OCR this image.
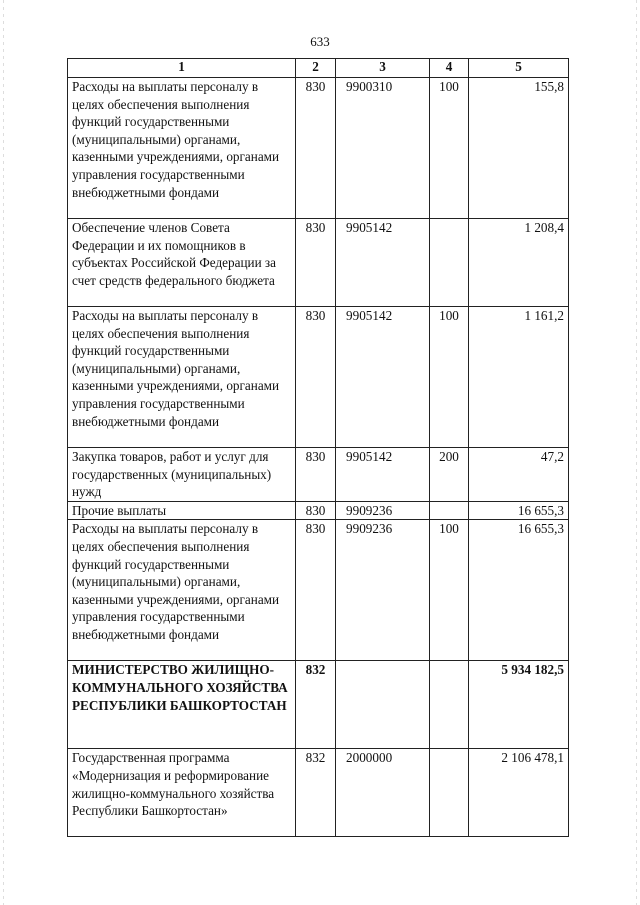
633
1	2	3	4	5
Расходы на выплаты персоналу в целях обеспечения выполнения функций государственными (муниципальными) органами, казенными учреждениями, органами управления государственными внебюджетными фондами	830	9900310	100	155,8
Обеспечение членов Совета Федерации и их помощников в субъектах Российской Федерации за счет средств федерального бюджета	830	9905142		1 208,4
Расходы на выплаты персоналу в целях обеспечения выполнения функций государственными (муниципальными) органами, казенными учреждениями, органами управления государственными внебюджетными фондами	830	9905142	100	1 161,2
Закупка товаров, работ и услуг для государственных (муниципальных) нужд	830	9905142	200	47,2
Прочие выплаты	830	9909236		16 655,3
Расходы на выплаты персоналу в целях обеспечения выполнения функций государственными (муниципальными) органами, казенными учреждениями, органами управления государственными внебюджетными фондами	830	9909236	100	16 655,3
МИНИСТЕРСТВО ЖИЛИЩНО-КОММУНАЛЬНОГО ХОЗЯЙСТВА РЕСПУБЛИКИ БАШКОРТОСТАН	832			5 934 182,5
Государственная программа «Модернизация и реформирование жилищно-коммунального хозяйства Республики Башкортостан»	832	2000000		2 106 478,1
